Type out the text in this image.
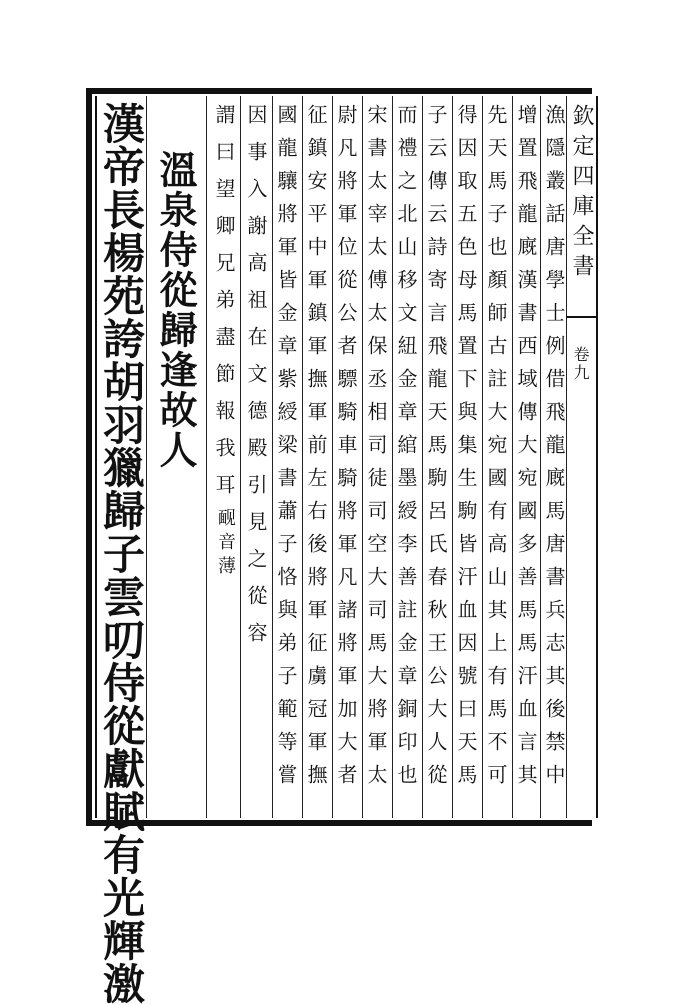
漢帝長楊苑誇胡羽獵歸子雲叨侍從獻賦有光輝激 溫泉侍從歸逢故人 謂曰望卿兄弟盡節報我耳 因事入謝高祖在文德殿引見之從容
䩄音薄 國龍驤將軍皆金章紫綬梁書蕭子恪與弟子範等嘗 征鎮安平中軍鎮軍撫軍前左右後將軍征虜冠軍撫 尉凡將軍位從公者驃騎車騎將軍凡諸將軍加大者 宋書太宰太傅太保丞相司徒司空大司馬大將軍太 而禮之北山移文紐金章綰墨綬李善註金章銅印也 子云傳云詩寄言飛龍天馬駒呂氏春秋王公大人從 得因取五色母馬置下與集生駒皆汗血因號曰天馬 先天馬子也顏師古註大宛國有高山其上有馬不可 增置飛龍廐漢書西域傳大宛國多善馬馬汗血言其 漁隱叢話唐學士例借飛龍廐馬唐書兵志其後禁中 欽定四庫全書
卷九
